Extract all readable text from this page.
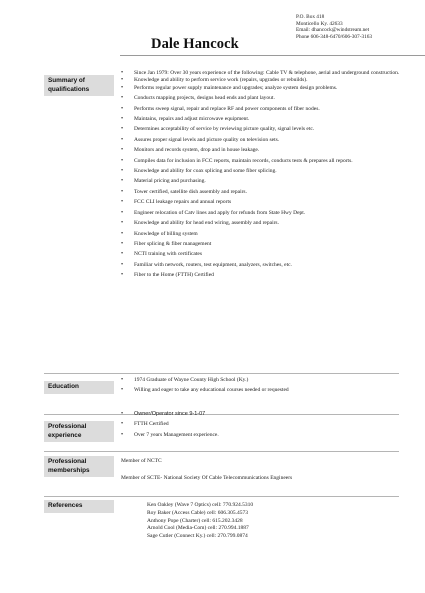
P.O. Box 418
Monticello Ky. 42633
Email: dhancock@windstream.net
Phone 606-348-6470/606-307-3163
Dale Hancock
Summary of
qualifications
• Since Jan 1979: Over 30 years experience of the following: Cable TV & telephone, aerial and underground construction.
• Knowledge and ability to perform service work (repairs, upgrades or rebuilds).
• Performs regular power supply maintenance and upgrades; analyze system design problems.
• Conducts mapping projects, designs head ends and plant layout.
• Performs sweep signal, repair and replace RF and power components of fiber nodes.
• Maintains, repairs and adjust microwave equipment.
• Determines acceptability of service by reviewing picture quality, signal levels etc.
• Assures proper signal levels and picture quality on television sets.
• Monitors and records system, drop and in house leakage.
• Compiles data for inclusion in FCC reports, maintain records, conducts tests & prepares all reports.
• Knowledge and ability for coax splicing and some fiber splicing.
• Material pricing and purchasing.
• Tower certified, satellite dish assembly and repairs.
• FCC CLI leakage repairs and annual reports
• Engineer relocation of Catv lines and apply for refunds from State Hwy Dept.
• Knowledge and ability for head end wiring, assembly and repairs.
• Knowledge of billing system
• Fiber splicing & fiber management
• NCTI training with certificates
• Familiar with network, routers, test equipment, analyzers, switches, etc.
• Fiber to the Home (FTTH) Certified
Education
• 1974 Graduate of Wayne County High School (Ky.)
• Willing and eager to take any educational courses needed or requested
Professional
experience
• Owner/Operator since 9-1-07
• FTTH Certified
• Over 7 years Management experience.
Professional
memberships
Member of NCTC
Member of SCTE- National Society Of Cable Telecommunications Engineers
References	Ken Oakley (Wave 7 Optics) cell: 770.924.5310
Roy Baker (Access Cable) cell: 606.305.4573
Anthony Pope (Charter) cell: 615.202.3428
Arnold Cool (Media-Com) cell: 270.994.1887
Sage Cutler (Connect Ky.) cell: 270.799.0874
